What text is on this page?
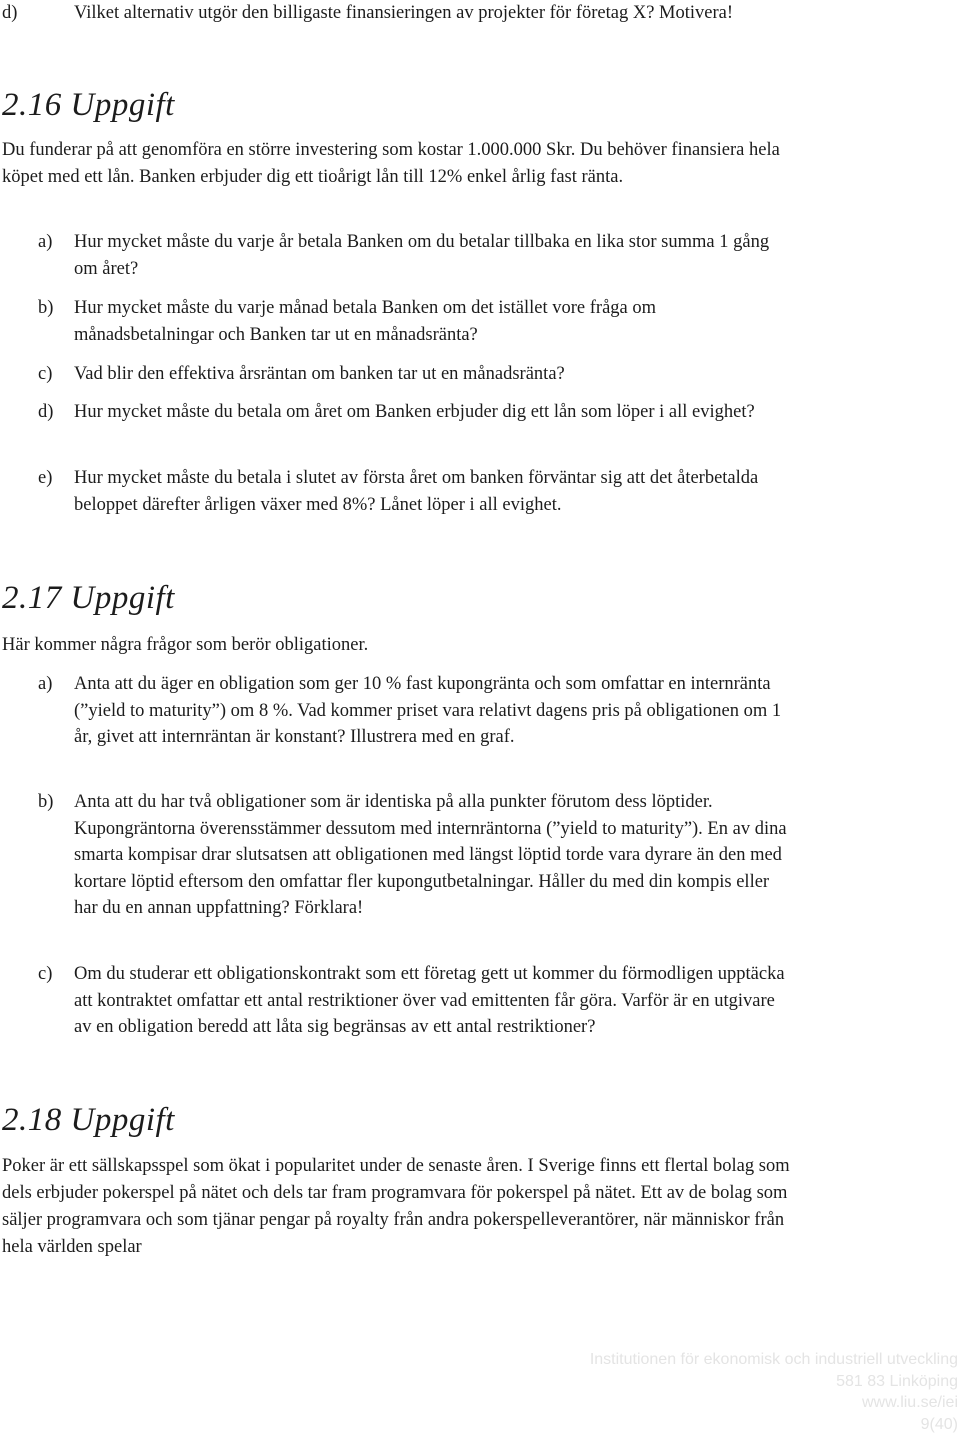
d)	Vilket alternativ utgör den billigaste finansieringen av projekter för företag X? Motivera!
2.16 Uppgift

Du funderar på att genomföra en större investering som kostar 1.000.000 Skr. Du behöver finansiera hela köpet med ett lån. Banken erbjuder dig ett tioårigt lån till 12% enkel årlig fast ränta.

a)	Hur mycket måste du varje år betala Banken om du betalar tillbaka en lika stor summa 1 gång om året?
b)	Hur mycket måste du varje månad betala Banken om det istället vore fråga om månadsbetalningar och Banken tar ut en månadsränta?
c)	Vad blir den effektiva årsräntan om banken tar ut en månadsränta?
d)	Hur mycket måste du betala om året om Banken erbjuder dig ett lån som löper i all evighet?
e)	Hur mycket måste du betala i slutet av första året om banken förväntar sig att det återbetalda beloppet därefter årligen växer med 8%? Lånet löper i all evighet.
2.17 Uppgift

Här kommer några frågor som berör obligationer.

a)	Anta att du äger en obligation som ger 10 % fast kupongränta och som omfattar en internränta (”yield to maturity”) om 8 %. Vad kommer priset vara relativt dagens pris på obligationen om 1 år, givet att internräntan är konstant? Illustrera med en graf.
b)	Anta att du har två obligationer som är identiska på alla punkter förutom dess löptider. Kupongräntorna överensstämmer dessutom med internräntorna (”yield to maturity”). En av dina smarta kompisar drar slutsatsen att obligationen med längst löptid torde vara dyrare än den med kortare löptid eftersom den omfattar fler kupongutbetalningar. Håller du med din kompis eller har du en annan uppfattning? Förklara!
c)	Om du studerar ett obligationskontrakt som ett företag gett ut kommer du förmodligen upptäcka att kontraktet omfattar ett antal restriktioner över vad emittenten får göra. Varför är en utgivare av en obligation beredd att låta sig begränsas av ett antal restriktioner?
2.18 Uppgift

Poker är ett sällskapsspel som ökat i popularitet under de senaste åren. I Sverige finns ett flertal bolag som dels erbjuder pokerspel på nätet och dels tar fram programvara för pokerspel på nätet. Ett av de bolag som säljer programvara och som tjänar pengar på royalty från andra pokerspelleverantörer, när människor från hela världen spelar

Institutionen för ekonomisk och industriell utveckling
581 83 Linköping
www.liu.se/iei
9(40)
